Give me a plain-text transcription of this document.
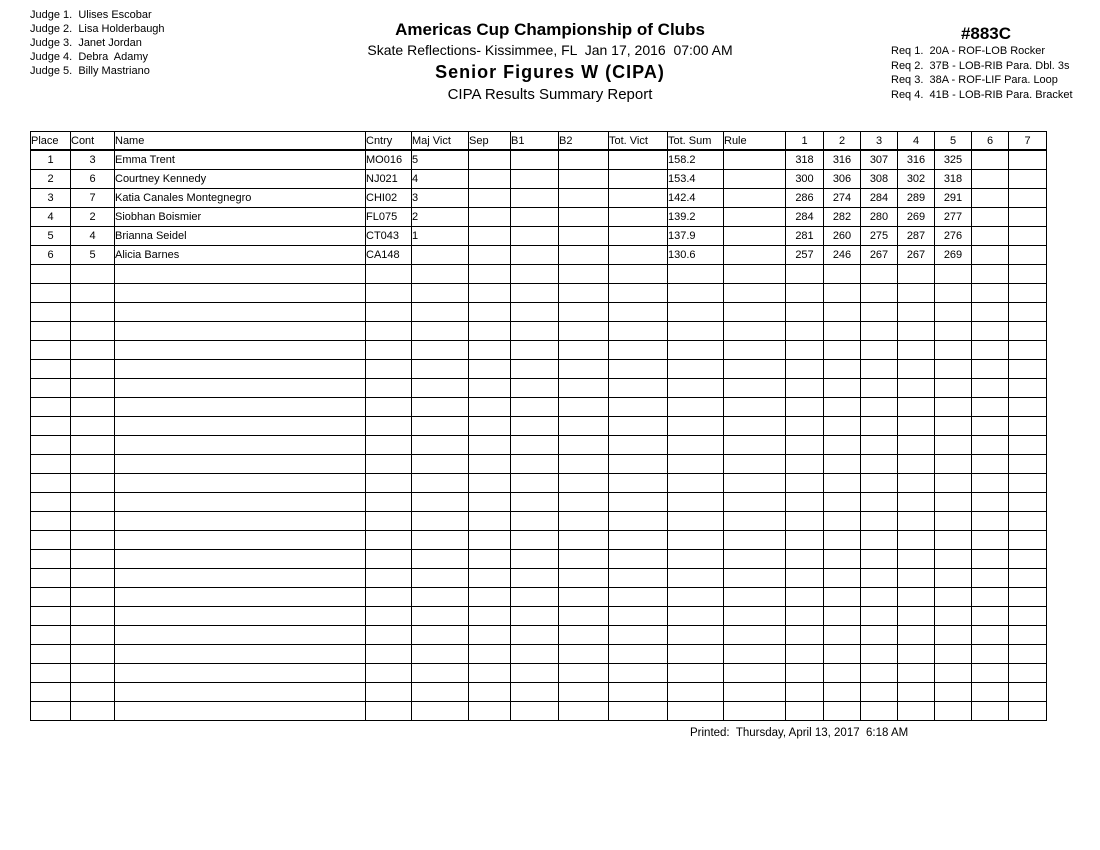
Judge 1.  Ulises Escobar
Judge 2.  Lisa Holderbaugh
Judge 3.  Janet Jordan
Judge 4.  Debra  Adamy
Judge 5.  Billy Mastriano
Americas Cup Championship of Clubs
Skate Reflections- Kissimmee, FL  Jan 17, 2016  07:00 AM
Senior Figures W (CIPA)
CIPA Results Summary Report
#883C
Req 1.  20A - ROF-LOB Rocker
Req 2.  37B - LOB-RIB Para. Dbl. 3s
Req 3.  38A - ROF-LIF Para. Loop
Req 4.  41B - LOB-RIB Para. Bracket
Place	Cont	Name	Cntry	Maj Vict	Sep	B1	B2	Tot. Vict	Tot. Sum	Rule	1	2	3	4	5	6	7
1	3	Emma Trent	MO016	5					158.2		318	316	307	316	325		
2	6	Courtney Kennedy	NJ021	4					153.4		300	306	308	302	318		
3	7	Katia Canales Montegnegro	CHI02	3					142.4		286	274	284	289	291		
4	2	Siobhan Boismier	FL075	2					139.2		284	282	280	269	277		
5	4	Brianna Seidel	CT043	1					137.9		281	260	275	287	276		
6	5	Alicia Barnes	CA148						130.6		257	246	267	267	269		

Printed:  Thursday, April 13, 2017  6:18 AM
